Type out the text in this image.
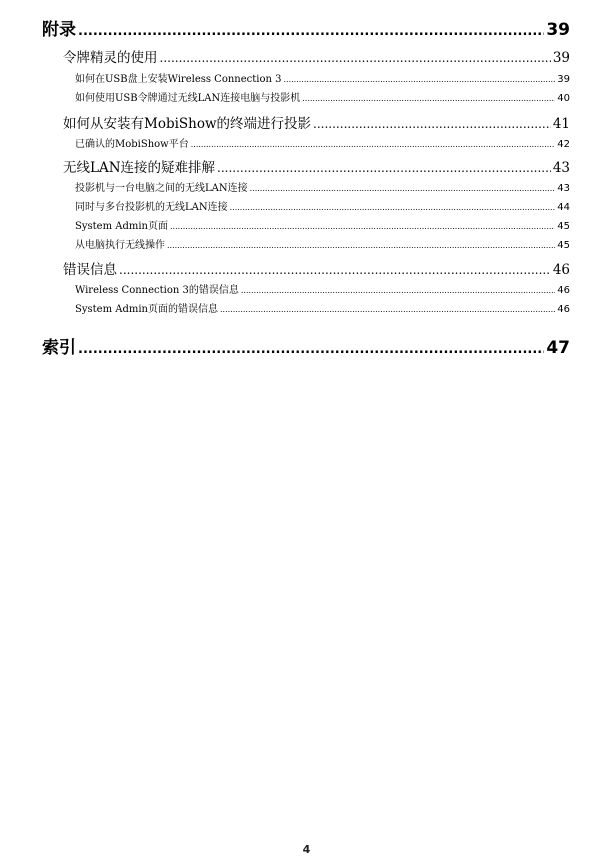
附录 .....	39
令牌精灵的使用 .....	39
如何在USB盘上安装Wireless Connection 3 .....	39
如何使用USB令牌通过无线LAN连接电脑与投影机 .....	40
如何从安装有MobiShow的终端进行投影 .....	41
已确认的MobiShow平台 .....	42
无线LAN连接的疑难排解 .....	43
投影机与一台电脑之间的无线LAN连接 .....	43
同时与多台投影机的无线LAN连接 .....	44
System Admin页面 .....	45
从电脑执行无线操作 .....	45
错误信息 .....	46
Wireless Connection 3的错误信息 .....	46
System Admin页面的错误信息 .....	46
索引 .....	47
4
